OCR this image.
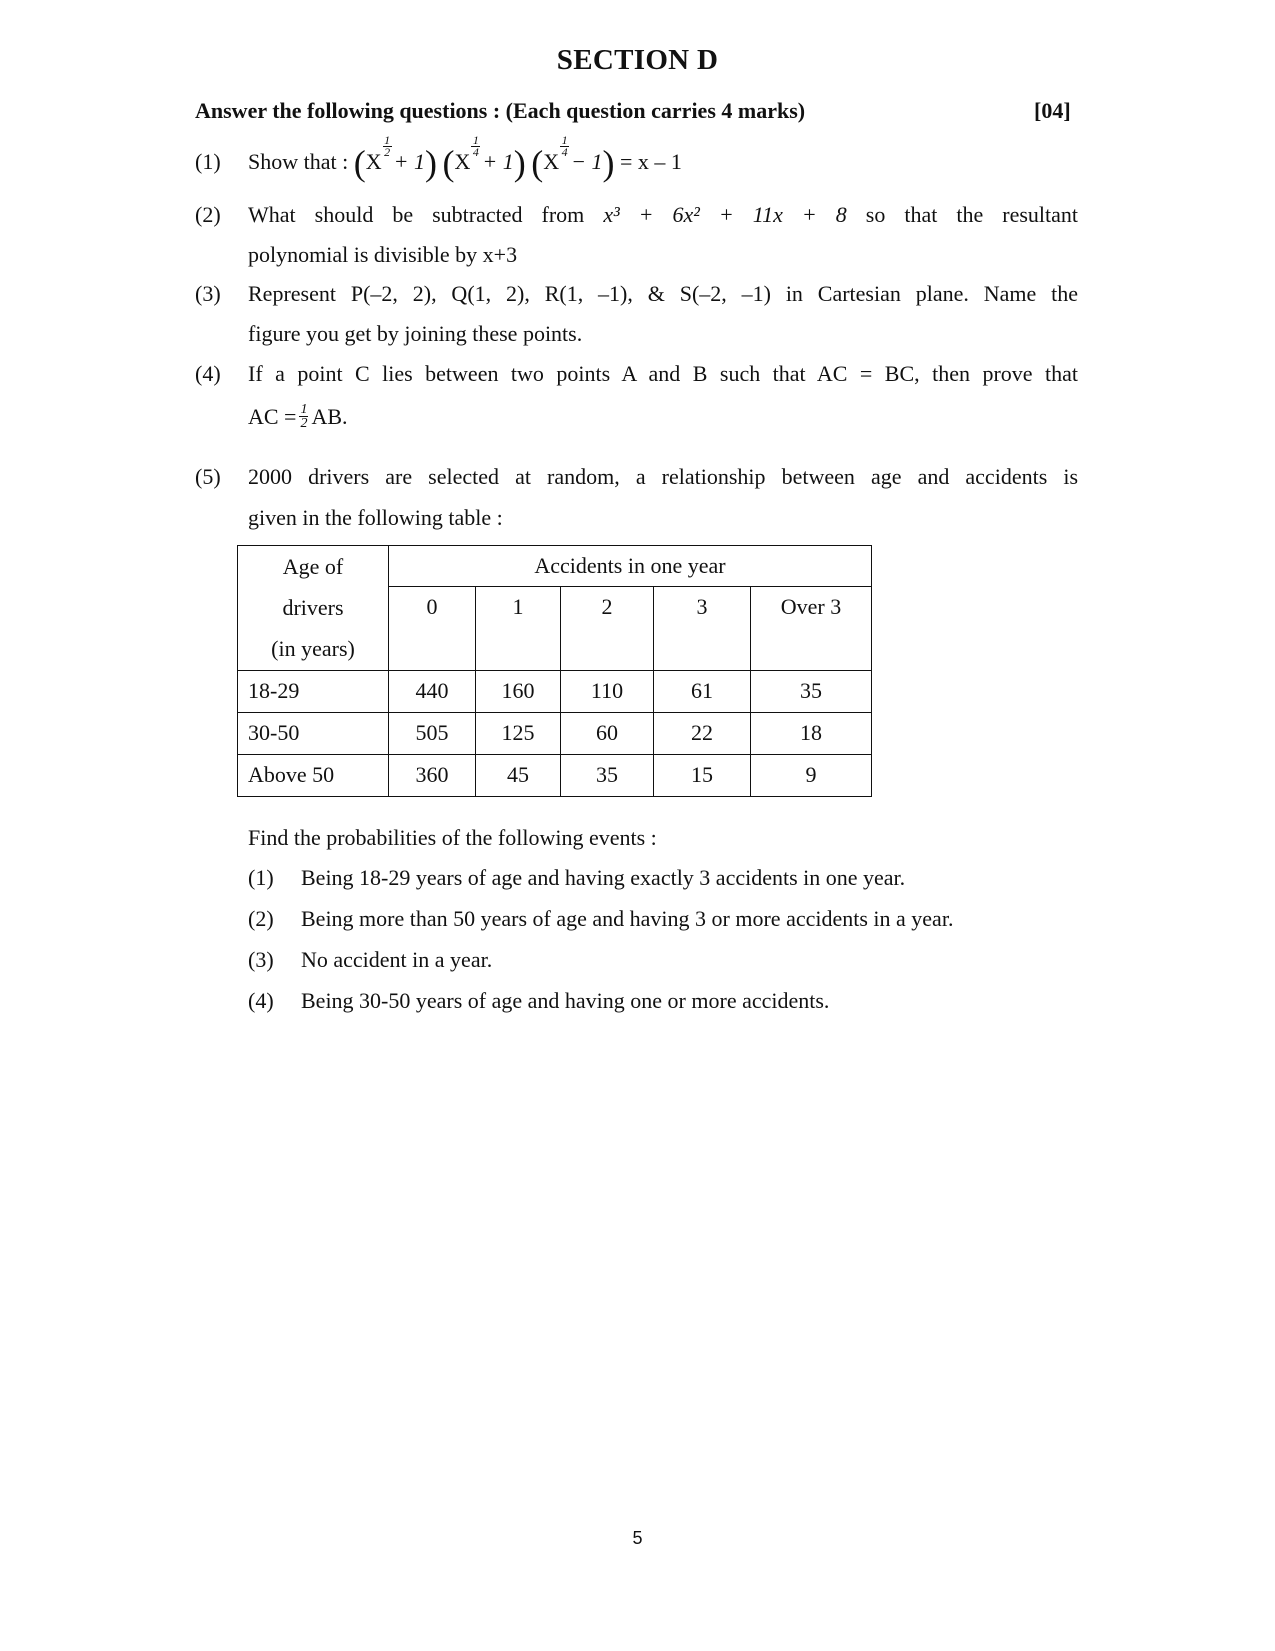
SECTION D
Answer the following questions : (Each question carries 4 marks)	[04]
(1) Show that : (X
1
2 + 1) (X
1
4 + 1) (X
1
4 − 1) = x – 1
(2) What should be subtracted from x³ + 6x² + 11x + 8 so that the resultant
polynomial is divisible by x+3
(3) Represent P(–2, 2), Q(1, 2), R(1, –1), & S(–2, –1) in Cartesian plane. Name the
figure you get by joining these points.
(4) If a point C lies between two points A and B such that AC = BC, then prove that
AC = $\frac{1}{2}$ AB.
(5) 2000 drivers are selected at random, a relationship between age and accidents is
given in the following table :
Age of
drivers
(in years)	Accidents in one year				
	0	1	2	3	Over 3
18-29	440	160	110	61	35
30-50	505	125	60	22	18
Above 50	360	45	35	15	9
Find the probabilities of the following events :
(1) Being 18-29 years of age and having exactly 3 accidents in one year.
(2) Being more than 50 years of age and having 3 or more accidents in a year.
(3) No accident in a year.
(4) Being 30-50 years of age and having one or more accidents.
5
